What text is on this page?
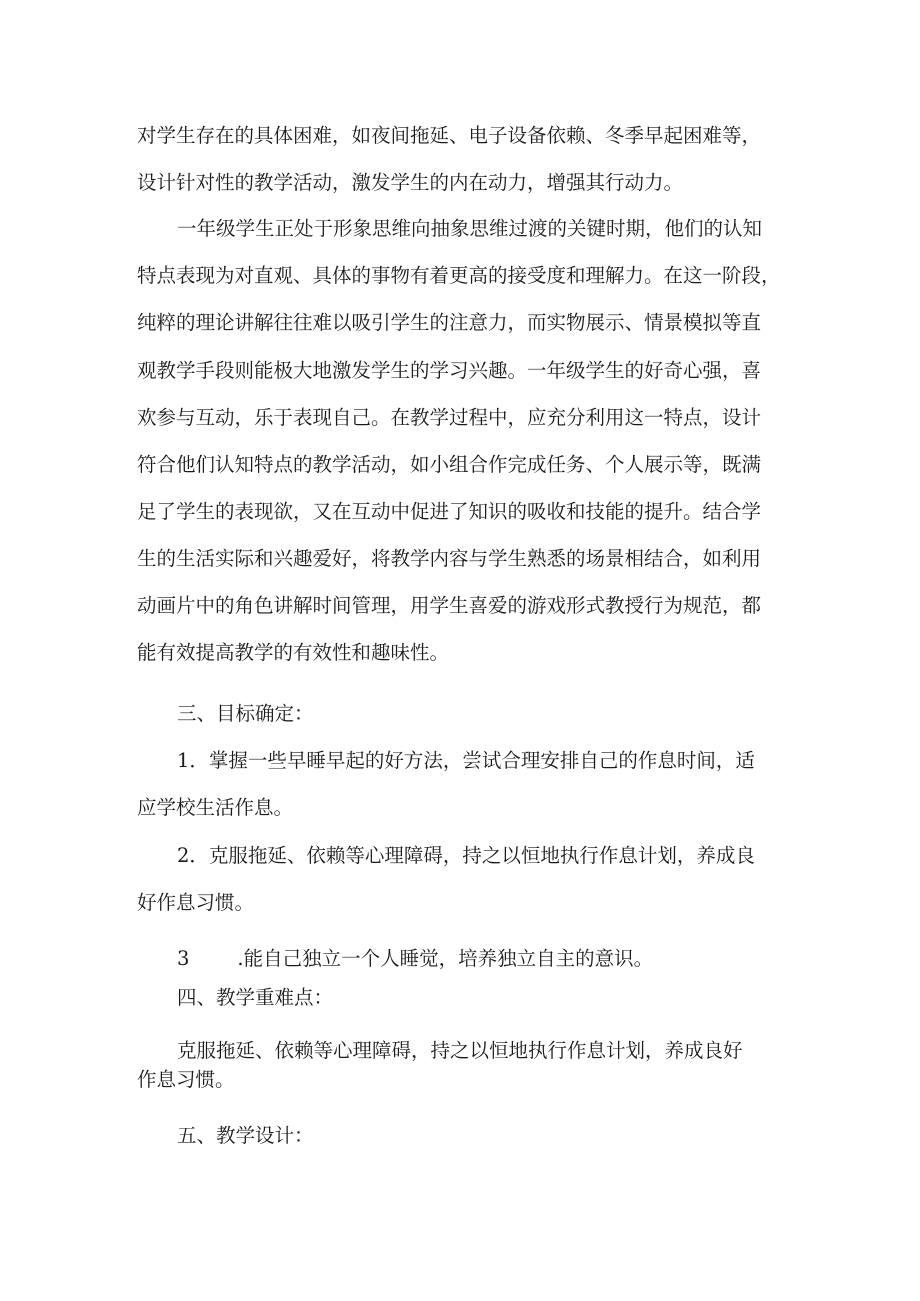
对学生存在的具体困难，如夜间拖延、电子设备依赖、冬季早起困难等，

设计针对性的教学活动，激发学生的内在动力，增强其行动力。

一年级学生正处于形象思维向抽象思维过渡的关键时期，他们的认知

特点表现为对直观、具体的事物有着更高的接受度和理解力。在这一阶段，

纯粹的理论讲解往往难以吸引学生的注意力，而实物展示、情景模拟等直

观教学手段则能极大地激发学生的学习兴趣。一年级学生的好奇心强，喜

欢参与互动，乐于表现自己。在教学过程中，应充分利用这一特点，设计

符合他们认知特点的教学活动，如小组合作完成任务、个人展示等，既满

足了学生的表现欲，又在互动中促进了知识的吸收和技能的提升。结合学

生的生活实际和兴趣爱好，将教学内容与学生熟悉的场景相结合，如利用

动画片中的角色讲解时间管理，用学生喜爱的游戏形式教授行为规范，都

能有效提高教学的有效性和趣味性。

三、目标确定：

1．掌握一些早睡早起的好方法，尝试合理安排自己的作息时间，适

应学校生活作息。

2．克服拖延、依赖等心理障碍，持之以恒地执行作息计划，养成良

好作息习惯。

3 .能自己独立一个人睡觉，培养独立自主的意识。

四、教学重难点：

克服拖延、依赖等心理障碍，持之以恒地执行作息计划，养成良好

作息习惯。

五、教学设计：
